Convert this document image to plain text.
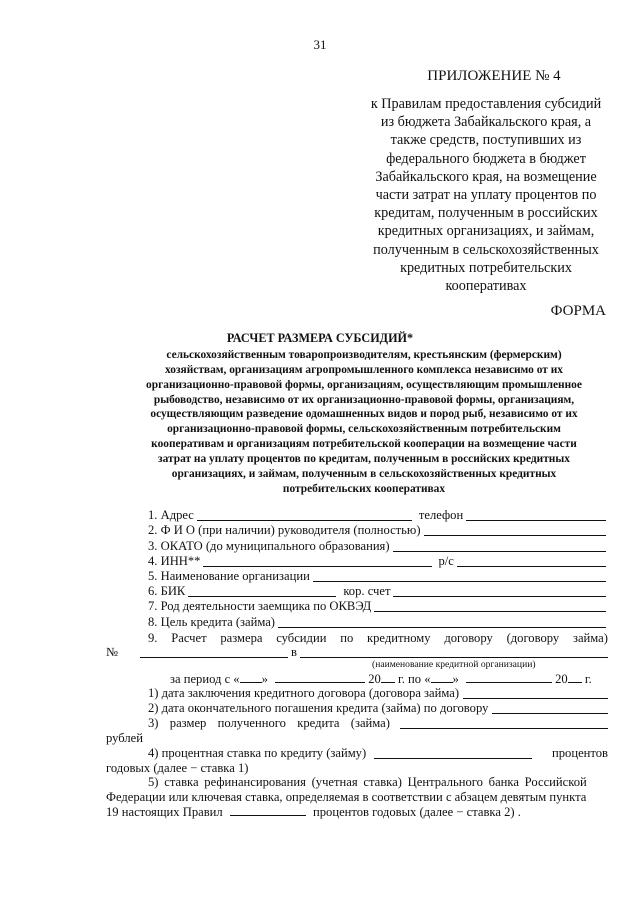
31
ПРИЛОЖЕНИЕ № 4
к Правилам предоставления субсидий
из бюджета Забайкальского края, а
также средств, поступивших из
федерального бюджета в бюджет
Забайкальского края, на возмещение
части затрат на уплату процентов по
кредитам, полученным в российских
кредитных организациях, и займам,
полученным в сельскохозяйственных
кредитных потребительских
кооперативах
ФОРМА
РАСЧЕТ РАЗМЕРА СУБСИДИЙ*
сельскохозяйственным товаропроизводителям, крестьянским (фермерским)
хозяйствам, организациям агропромышленного комплекса независимо от их
организационно-правовой формы, организациям, осуществляющим промышленное
рыбоводство, независимо от их организационно-правовой формы, организациям,
осуществляющим разведение одомашненных видов и пород рыб, независимо от их
организационно-правовой формы, сельскохозяйственным потребительским
кооперативам и организациям потребительской кооперации на возмещение части
затрат на уплату процентов по кредитам, полученным в российских кредитных
организациях, и займам, полученным в сельскохозяйственных кредитных
потребительских кооперативах
1. Адрес	телефон
2. Ф И О (при наличии) руководителя (полностью)
3. ОКАТО (до муниципального образования)
4. ИНН**	р/с
5. Наименование организации
6. БИК	кор. счет
7. Род деятельности заемщика по ОКВЭД
8. Цель кредита (займа)
9. Расчет размера субсидии по кредитному договору (договору займа)
№	в
(наименование кредитной организации)
за период с « »	20 г. по « »	20 г.
1) дата заключения кредитного договора (договора займа)
2) дата окончательного погашения кредита (займа) по договору
3) размер полученного кредита (займа)
рублей
4) процентная ставка по кредиту (займу)	процентов
годовых (далее − ставка 1)
5) ставка рефинансирования (учетная ставка) Центрального банка Российской
Федерации или ключевая ставка, определяемая в соответствии с абзацем девятым пункта
19 настоящих Правил	процентов годовых (далее − ставка 2) .
